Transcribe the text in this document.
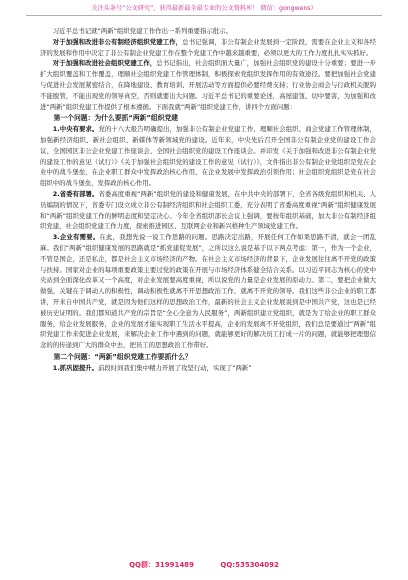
关注头条号“公文研究”，获得最新最全最专业的公文资料库！ 微信：gongwens）

习近平总书记就“两新”组织党建工作作出一系列重要指示批示。

对于加强和改进非公有制经济组织党建工作，总书记强调，非公有制企业发展到一定阶段，需要在企业主义和各经济的发展和作用中决定了非公有制企业党建工作在整个党建工作中越来越重要，必须以更大的工作力度扎扎实实抓好。

对于加强和改进社会组织党建工作，总书记指出，社会组织面大量广，加强社会组织党的建设十分重要；要进一步扩大组织覆盖和工作覆盖，理顺社会组织党建工作管理体制，积极探索党组织发挥作用的有效途径。要把加强社会党建与促进社会发展紧密结合，在降地建设、教育培训、开展活动等方面提供必要经费支持；行业协会商会与行政机关脱钩不能脱管，不能出现党的领导真空，否则就要出大问题。习近平总书记的重要论述，高屋建瓴、切中要害，为加强和改进“两新”组织党建工作提供了根本遵循。下面我就“两新”组织党建工作，讲四个方面问题：

第一个问题：为什么要抓“两新”组织党建

1.中央有要求。党的十八大报告明确提出，加强非公有制企业党建工作，理顺社会组织、商会党建工作管理体制，加强新经济组织、新社会组织、新媒体等新领域党的建设。近年来，中央先后召开全国非公有制企业党的建设工作会议、全国园区非公企业党建工作座谈会、全国社会组织党的建设工作座谈会。并印发《关于加强和改进非公有制企业党的建设工作的意见（试行）》《关于加强社会组织党的建设工作的意见（试行）》，文件指出非公有制企业党组织是党在企业中的战斗堡垒，在企业职工群众中发挥政治核心作用，在企业发展中发挥政治引领作用；社会组织党组织是党在社会组织中的战斗堡垒，发挥政治核心作用。

2.省委有部署。省委高度重视“两新”组织党的建设和健康发展，在中共中央的部署下，全省各级党组织和机关、人员编制的情况下，省委专门设立成立非公有制经济组织和社会组织工委，充分表明了省委高度重视“两新”组织健康发展和“两新”组织党建工作的鲜明态度和坚定决心。今年全省组织部长会议上强调，要按年组织基础，加大非公有制经济组织党建，社会组织党建工作力度，探索推进园区、互联网企业和新兴格种生产领域党建工作。

3.企业有需要。在此，我想先说一说工作思路的问题。思路决定出路，开展任何工作如果思路不清，就会一团乱麻。我们“两新”组织健康发展的思路就是“抓党建促发展”，之所以这么说是基于以下两点考虑：第一，作为一个企业，不管是国企，还是私企，都是社会主义市场经济的产物。在社会主义市场经济的背景下，企业发展往往离不开党的政策与扶持。国家对企业的每项重要政策主要过党的政策在开展与市场经济体系健全结合关系。以习近平同志为核心的党中央站到全面深化改革又一个高度，对企业发展要高度重视，所以说党的力量是企业发展的原动力。第二，要把企业做大做强，关键在于调动人的积极性，调动积极性就离不开思想政治工作，就离不开党的领导。我们这些非公企业的职工都讲，开来自中国共产党，就是因为他们这样的思想政治工作，最新的社会主义企业发展说到是中国共产党，这也是已经被历史证明的。我们都知道共产党的宗旨是“全心全意为人民服务”，两新组织建立党组织，就是为了给企业的职工群众服务，给企业发展服务，企业的发展才能实现职工生活水平提高，企业的发展离不开党组织，我们总是要通过“两新”组织党建工作来促进企业发展，来解决企业工作中遇到的问题，就能够更好的解决员工打成一片的问题，就能够把理想信念的的传递到广大的群众中去，把员工的思想政治工作带好。

第二个问题：“两新”组织党建工作要抓什么？

1.抓巩固提升。前段时间我们集中精力开展了攻坚行动，实现了“两新”

QQ群：31991489	QQ:535304092
